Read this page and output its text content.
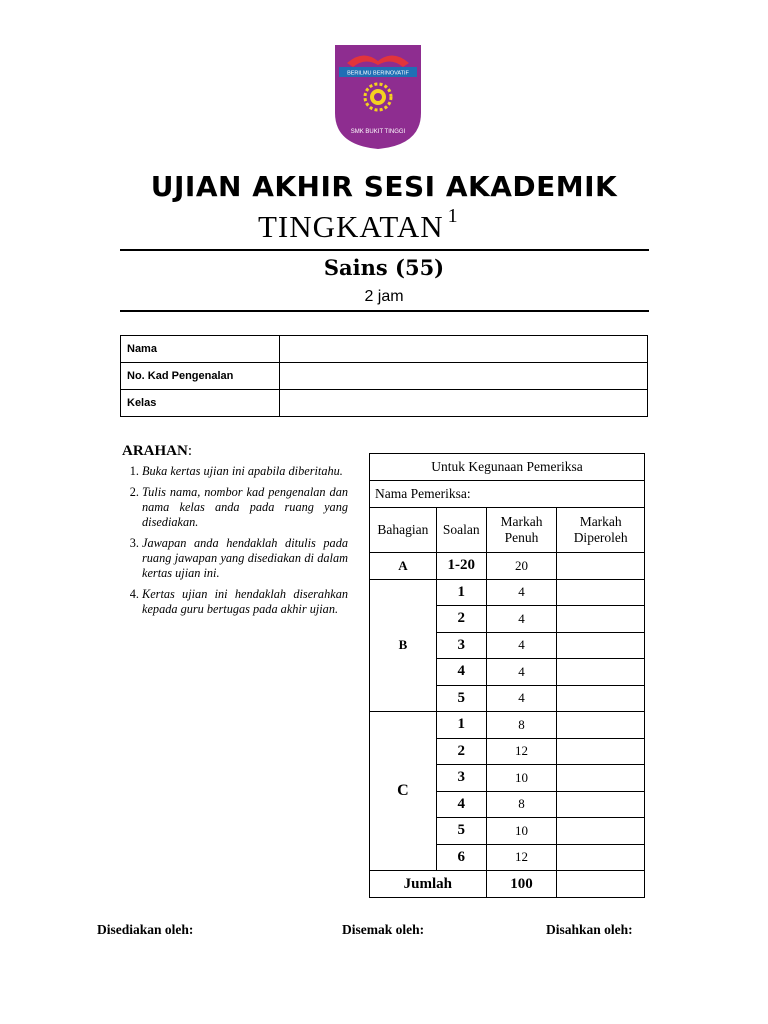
BERILMU BERINOVATIF
SMK BUKIT TINGGI
UJIAN AKHIR SESI AKADEMIK
TINGKATAN $^1$
Sains (55)
2 jam
Nama	
No. Kad Pengenalan	
Kelas	
ARAHAN:
1. Buka kertas ujian ini apabila diberitahu.
2. Tulis nama, nombor kad pengenalan dan nama kelas anda pada ruang yang disediakan.
3. Jawapan anda hendaklah ditulis pada ruang jawapan yang disediakan di dalam kertas ujian ini.
4. Kertas ujian ini hendaklah diserahkan kepada guru bertugas pada akhir ujian.
Untuk Kegunaan Pemeriksa			
Nama Pemeriksa:			
Bahagian	Soalan	Markah Penuh	Markah Diperoleh
A	1-20	20	
B	1	4	
	2	4	
	3	4	
	4	4	
	5	4	
C	1	8	
	2	12	
	3	10	
	4	8	
	5	10	
	6	12	
Jumlah		100	
Disediakan oleh:	Disemak oleh:	Disahkan oleh:
